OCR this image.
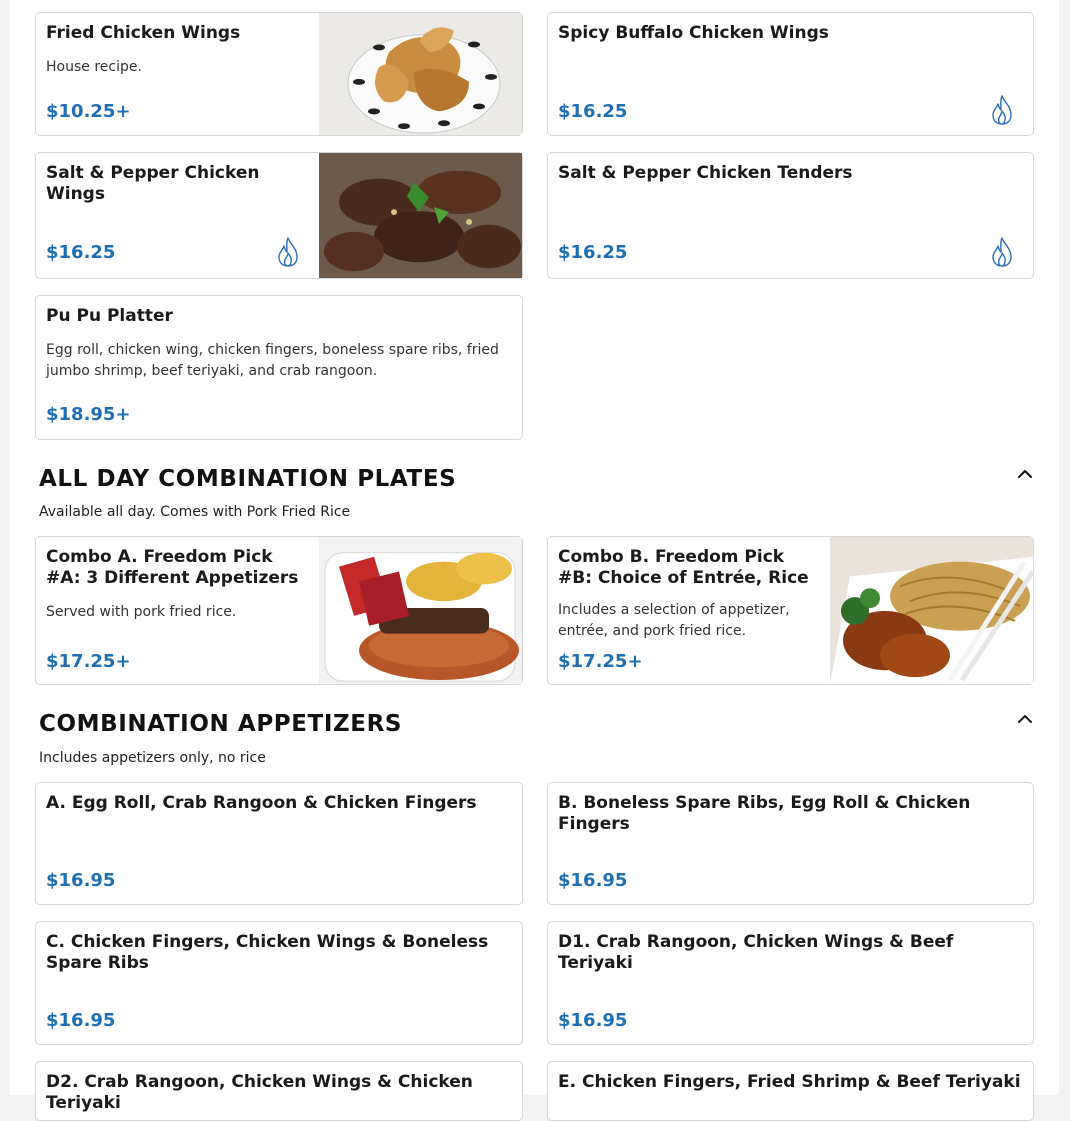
Fried Chicken Wings
House recipe.
$10.25+
Spicy Buffalo Chicken Wings
$16.25
Salt & Pepper Chicken Wings
$16.25
Salt & Pepper Chicken Tenders
$16.25
Pu Pu Platter
Egg roll, chicken wing, chicken fingers, boneless spare ribs, fried jumbo shrimp, beef teriyaki, and crab rangoon.
$18.95+
ALL DAY COMBINATION PLATES
Available all day. Comes with Pork Fried Rice
Combo A. Freedom Pick #A: 3 Different Appetizers
Served with pork fried rice.
$17.25+
Combo B. Freedom Pick #B: Choice of Entrée, Rice
Includes a selection of appetizer, entrée, and pork fried rice.
$17.25+
COMBINATION APPETIZERS
Includes appetizers only, no rice
A. Egg Roll, Crab Rangoon & Chicken Fingers
$16.95
B. Boneless Spare Ribs, Egg Roll & Chicken Fingers
$16.95
C. Chicken Fingers, Chicken Wings & Boneless Spare Ribs
$16.95
D1. Crab Rangoon, Chicken Wings & Beef Teriyaki
$16.95
D2. Crab Rangoon, Chicken Wings & Chicken Teriyaki
E. Chicken Fingers, Fried Shrimp & Beef Teriyaki
